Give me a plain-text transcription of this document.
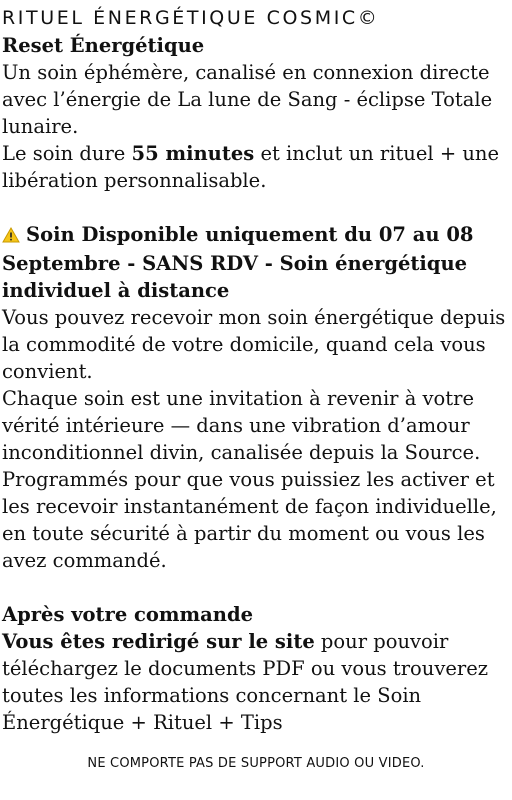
RITUEL ÉNERGÉTIQUE COSMIC©

Reset Énergétique

Un soin éphémère, canalisé en connexion directe avec l’énergie de La lune de Sang - éclipse Totale lunaire.

Le soin dure 55 minutes et inclut un rituel + une libération personnalisable.

Soin Disponible uniquement du 07 au 08 Septembre - SANS RDV - Soin énergétique individuel à distance

Vous pouvez recevoir mon soin énergétique depuis la commodité de votre domicile, quand cela vous convient.

Chaque soin est une invitation à revenir à votre vérité intérieure — dans une vibration d’amour inconditionnel divin, canalisée depuis la Source.

Programmés pour que vous puissiez les activer et les recevoir instantanément de façon individuelle, en toute sécurité à partir du moment ou vous les avez commandé.

Après votre commande

Vous êtes redirigé sur le site pour pouvoir téléchargez le documents PDF ou vous trouverez toutes les informations concernant le Soin Énergétique + Rituel + Tips

NE COMPORTE PAS DE SUPPORT AUDIO OU VIDEO.
